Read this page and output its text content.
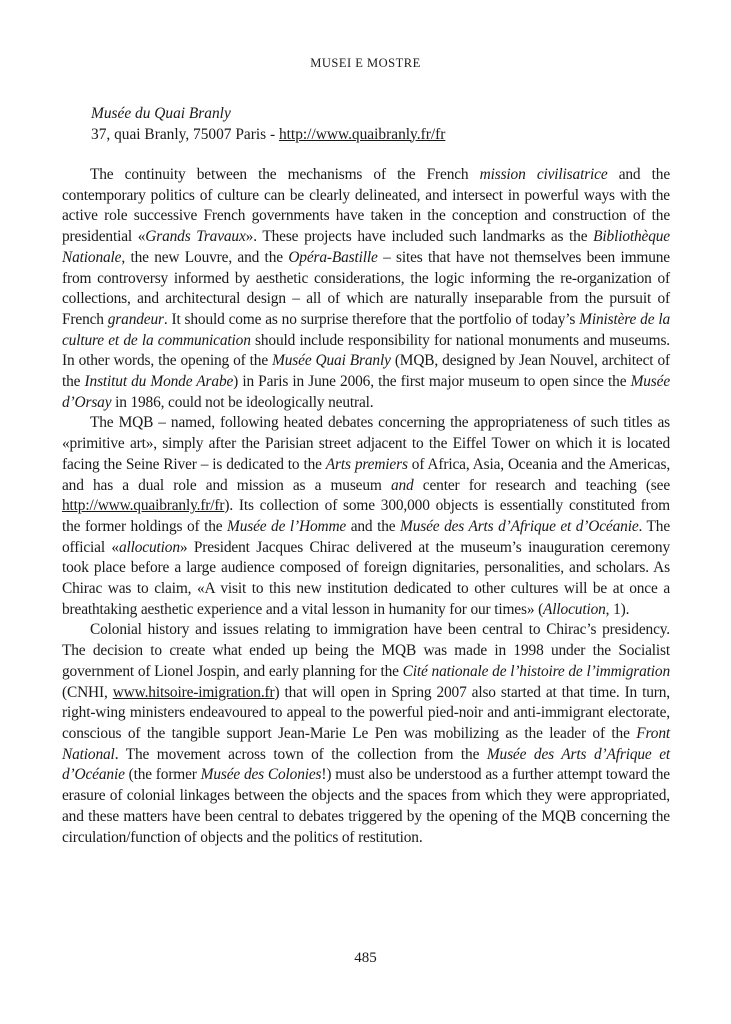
MUSEI E MOSTRE
Musée du Quai Branly
37, quai Branly, 75007 Paris - http://www.quaibranly.fr/fr

The continuity between the mechanisms of the French mission civilisatrice and the contemporary politics of culture can be clearly delineated, and intersect in powerful ways with the active role successive French governments have taken in the conception and construction of the presidential «Grands Travaux». These projects have included such landmarks as the Bibliothèque Nationale, the new Louvre, and the Opéra-Bastille – sites that have not themselves been immune from controversy informed by aesthetic considerations, the logic informing the re-organization of collections, and architectural design – all of which are naturally inseparable from the pursuit of French grandeur. It should come as no surprise therefore that the portfolio of today’s Ministère de la culture et de la communication should include responsibility for national monuments and museums. In other words, the opening of the Musée Quai Branly (MQB, designed by Jean Nouvel, architect of the Institut du Monde Arabe) in Paris in June 2006, the first major museum to open since the Musée d’Orsay in 1986, could not be ideologically neutral.

The MQB – named, following heated debates concerning the appropriateness of such titles as «primitive art», simply after the Parisian street adjacent to the Eiffel Tower on which it is located facing the Seine River – is dedicated to the Arts premiers of Africa, Asia, Oceania and the Americas, and has a dual role and mission as a museum and center for research and teaching (see http://www.quaibranly.fr/fr). Its collection of some 300,000 objects is essentially constituted from the former holdings of the Musée de l’Homme and the Musée des Arts d’Afrique et d’Océanie. The official «allocution» President Jacques Chirac delivered at the museum’s inauguration ceremony took place before a large audience composed of foreign dignitaries, personalities, and scholars. As Chirac was to claim, «A visit to this new institution dedicated to other cultures will be at once a breathtaking aesthetic experience and a vital lesson in humanity for our times» (Allocution, 1).

Colonial history and issues relating to immigration have been central to Chirac’s presidency. The decision to create what ended up being the MQB was made in 1998 under the Socialist government of Lionel Jospin, and early planning for the Cité nationale de l’histoire de l’immigration (CNHI, www.hitsoire-imigration.fr) that will open in Spring 2007 also started at that time. In turn, right-wing ministers endeavoured to appeal to the powerful pied-noir and anti-immigrant electorate, conscious of the tangible support Jean-Marie Le Pen was mobilizing as the leader of the Front National. The movement across town of the collection from the Musée des Arts d’Afrique et d’Océanie (the former Musée des Colonies!) must also be understood as a further attempt toward the erasure of colonial linkages between the objects and the spaces from which they were appropriated, and these matters have been central to debates triggered by the opening of the MQB concerning the circulation/function of objects and the politics of restitution.

485
